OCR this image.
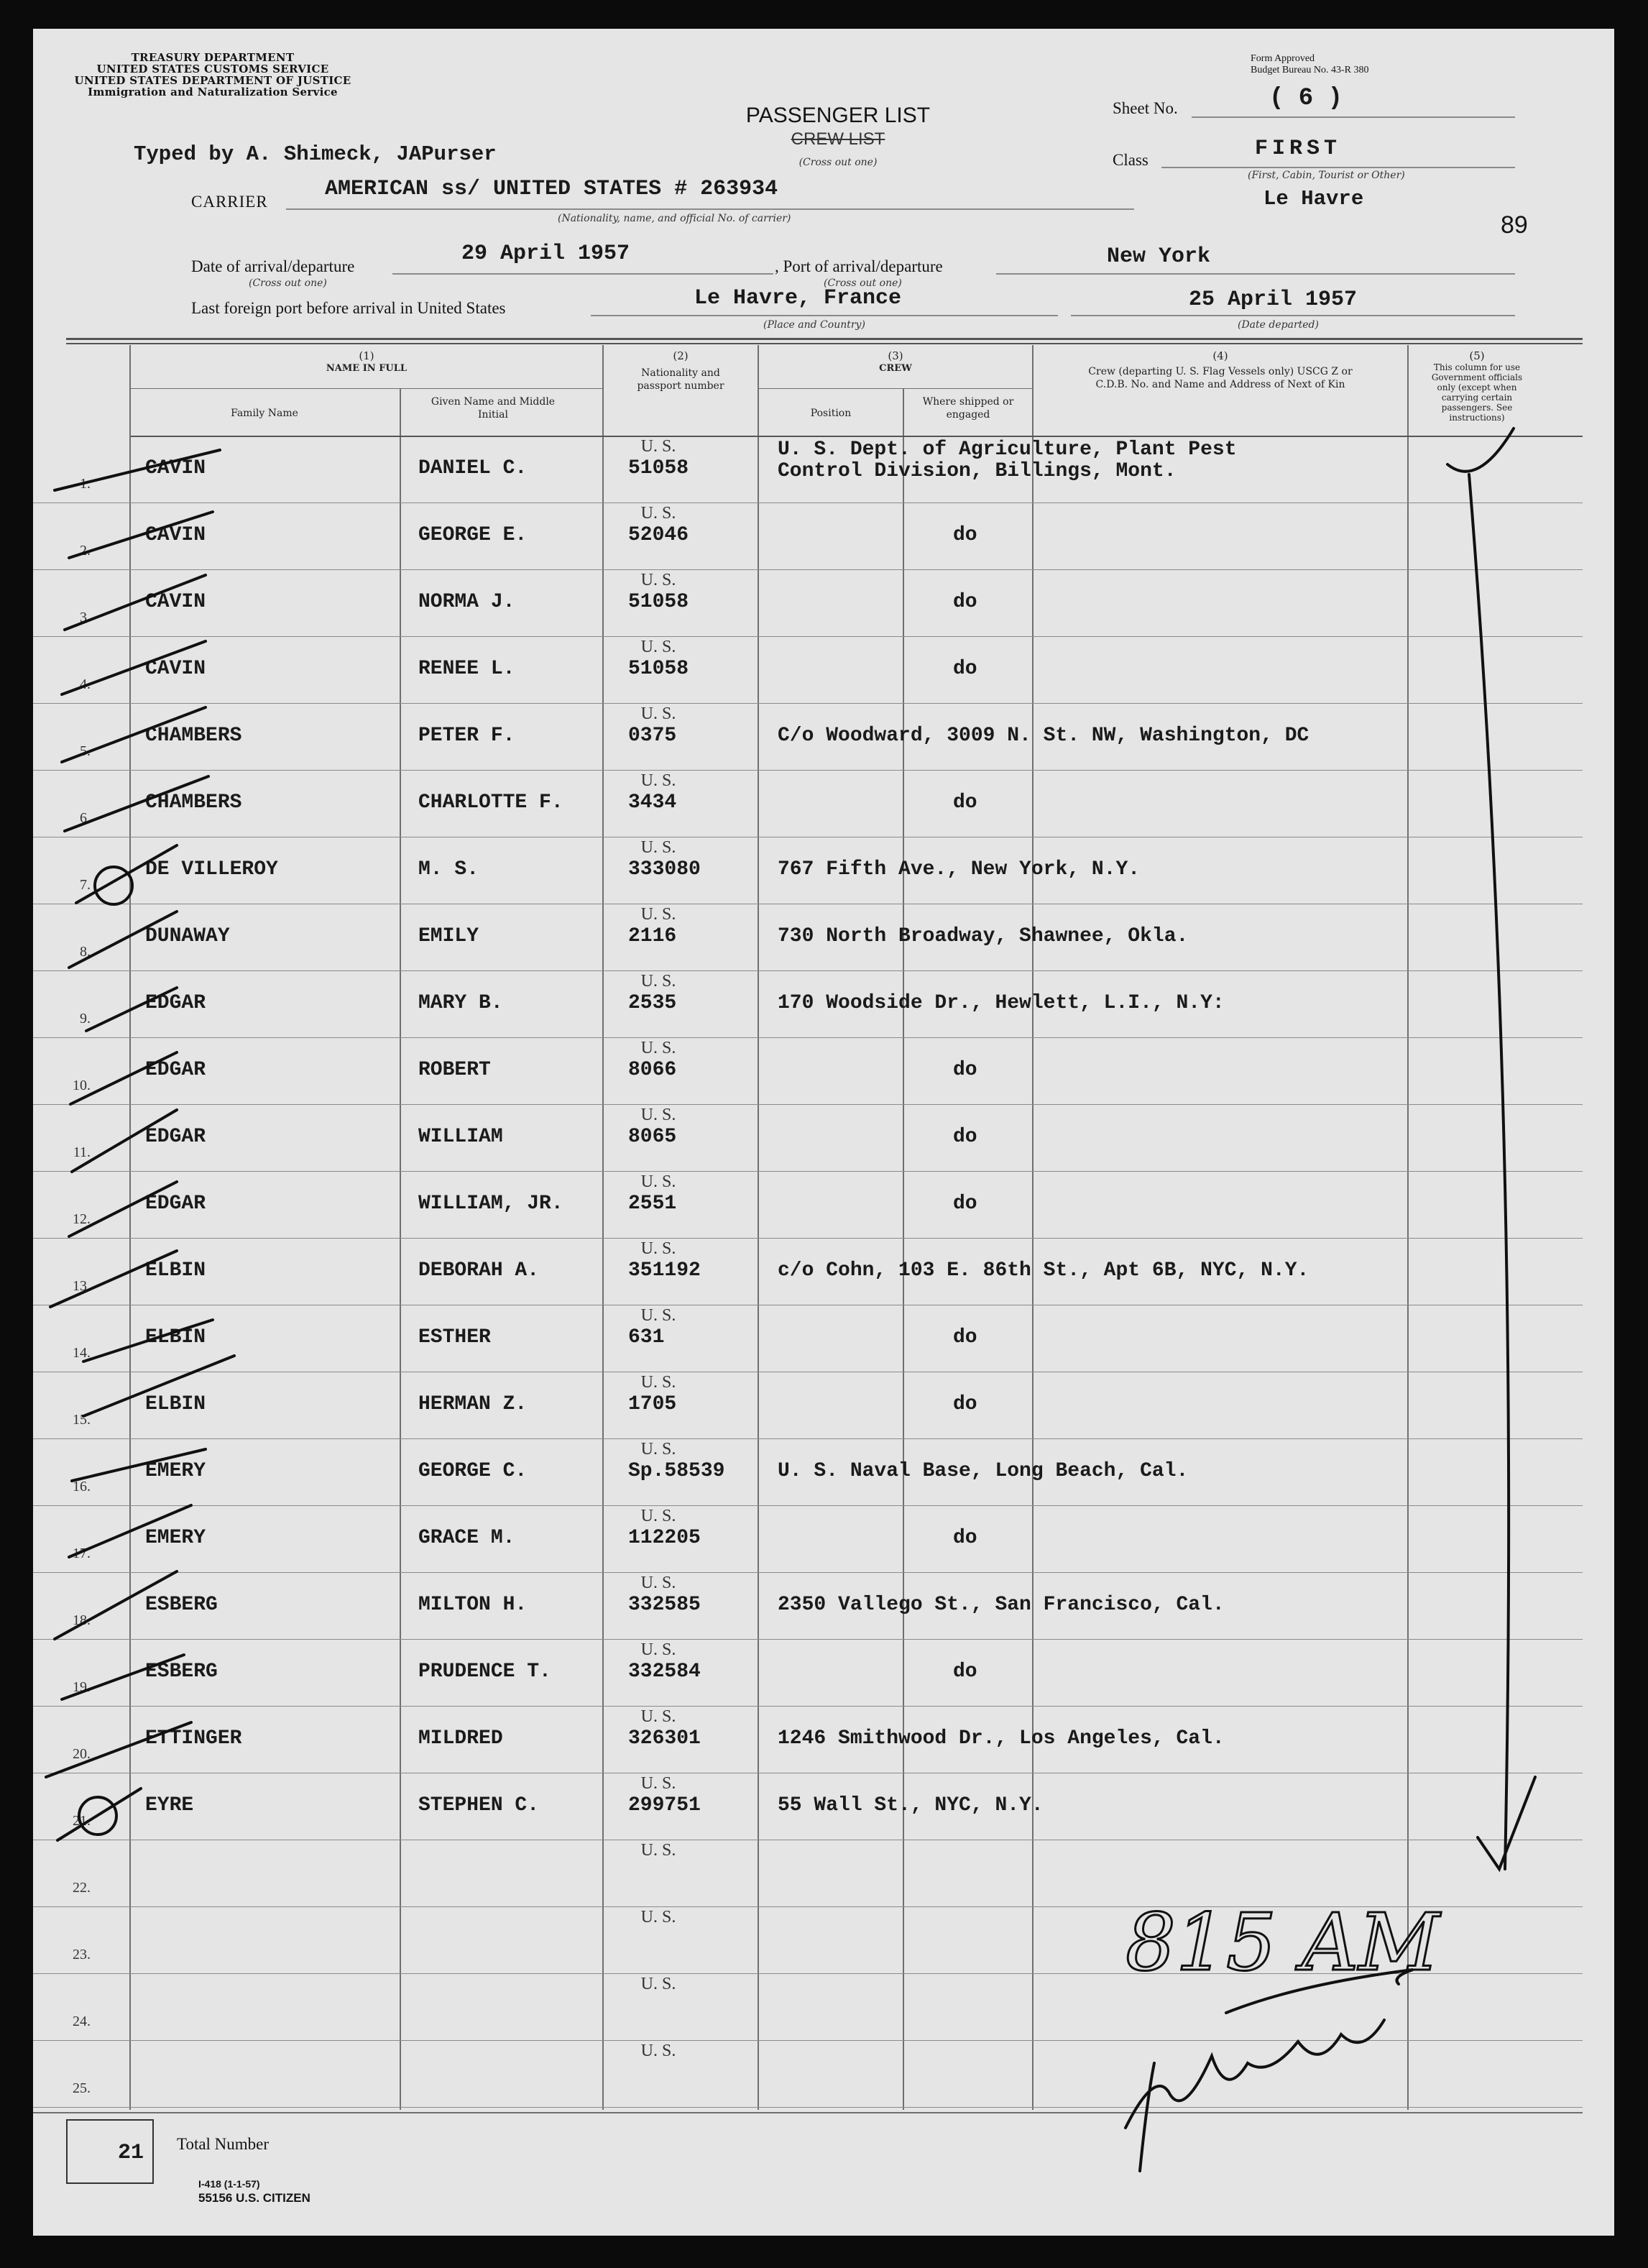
TREASURY DEPARTMENT
UNITED STATES CUSTOMS SERVICE
UNITED STATES DEPARTMENT OF JUSTICE
Immigration and Naturalization Service
Typed by A. Shimeck, JAPurser
PASSENGER LIST
CREW LIST
(Cross out one)
Form Approved
Budget Bureau No. 43-R 380
Sheet No.	( 6 )
Class	FIRST
(First, Cabin, Tourist or Other)
Le Havre
89
CARRIER
AMERICAN ss/ UNITED STATES # 263934
(Nationality, name, and official No. of carrier)
Date of arrival/departure
(Cross out one)
29 April 1957
, Port of arrival/departure
(Cross out one)
New York
Last foreign port before arrival in United States	Le Havre, France
(Place and Country)
25 April 1957
(Date departed)
(1)
NAME IN FULL
Family Name
Given Name and Middle Initial
(2)
Nationality and passport number
(3)
CREW
Position
Where shipped or engaged
(4)
Crew (departing U. S. Flag Vessels only) USCG Z or C.D.B. No. and Name and Address of Next of Kin
(5)
This column for use Government officials only (except when carrying certain passengers. See instructions)
1.
CAVIN	DANIEL C.
U. S.
51058
U. S. Dept. of Agriculture, Plant Pest
Control Division, Billings, Mont.
2.
CAVIN	GEORGE E.
U. S.
52046	do
3.
CAVIN	NORMA J.
U. S.
51058	do
4.
CAVIN	RENEE L.
U. S.
51058	do
5.
CHAMBERS	PETER F.
U. S.
0375	C/o Woodward, 3009 N. St. NW, Washington, DC
6.
CHAMBERS	CHARLOTTE F.
U. S.
3434	do
7.
DE VILLEROY	M. S.
U. S.
333080	767 Fifth Ave., New York, N.Y.
8.
DUNAWAY	EMILY
U. S.
2116	730 North Broadway, Shawnee, Okla.
9.
EDGAR	MARY B.
U. S.
2535	170 Woodside Dr., Hewlett, L.I., N.Y:
10.
EDGAR	ROBERT
U. S.
8066	do
11.
EDGAR	WILLIAM
U. S.
8065	do
12.
EDGAR	WILLIAM, JR.
U. S.
2551	do
13.
ELBIN	DEBORAH A.
U. S.
351192	c/o Cohn, 103 E. 86th St., Apt 6B, NYC, N.Y.
14.
ELBIN	ESTHER
U. S.
631	do
15.
ELBIN	HERMAN Z.
U. S.
1705	do
16.
EMERY	GEORGE C.
U. S.
Sp.58539	U. S. Naval Base, Long Beach, Cal.
17.
EMERY	GRACE M.
U. S.
112205	do
18.
ESBERG	MILTON H.
U. S.
332585	2350 Vallego St., San Francisco, Cal.
19.
ESBERG	PRUDENCE T.
U. S.
332584	do
20.
ETTINGER	MILDRED
U. S.
326301	1246 Smithwood Dr., Los Angeles, Cal.
21.
EYRE	STEPHEN C.
U. S.
299751	55 Wall St., NYC, N.Y.
22.
U. S.
23.
U. S.
24.
U. S.
25.
U. S.
21 Total Number
I-418 (1-1-57)
55156 U.S. CITIZEN
815 AM
